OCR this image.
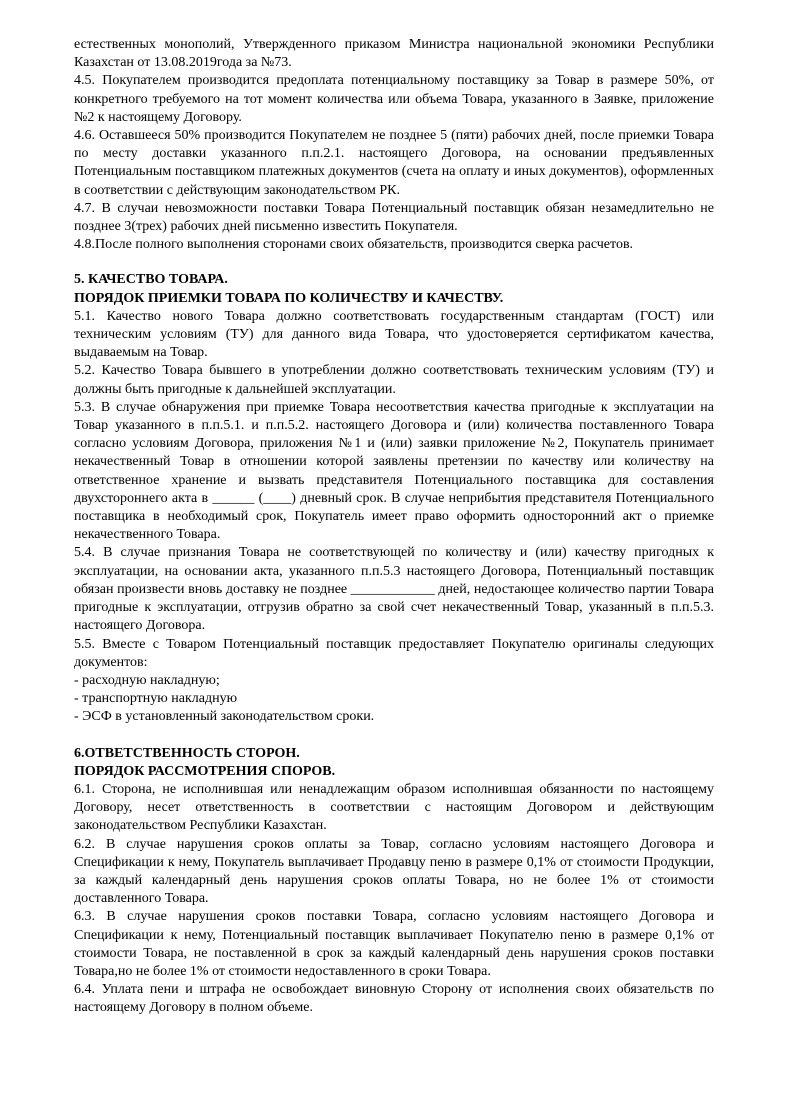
естественных монополий, Утвержденного приказом Министра национальной экономики Республики Казахстан от 13.08.2019года за №73.

4.5. Покупателем производится предоплата потенциальному поставщику за Товар в размере 50%, от конкретного требуемого на тот момент количества или объема Товара, указанного в Заявке, приложение №2 к настоящему Договору.

4.6. Оставшееся 50% производится Покупателем не позднее 5 (пяти) рабочих дней, после приемки Товара по месту доставки указанного п.п.2.1. настоящего Договора, на основании предъявленных Потенциальным поставщиком платежных документов (счета на оплату и иных документов), оформленных в соответствии с действующим законодательством РК.

4.7. В случаи невозможности поставки Товара Потенциальный поставщик обязан незамедлительно не позднее 3(трех) рабочих дней письменно известить Покупателя.

4.8.После полного выполнения сторонами своих обязательств, производится сверка расчетов.

5. КАЧЕСТВО ТОВАРА.

ПОРЯДОК ПРИЕМКИ ТОВАРА ПО КОЛИЧЕСТВУ И КАЧЕСТВУ.

5.1. Качество нового Товара должно соответствовать государственным стандартам (ГОСТ) или техническим условиям (ТУ) для данного вида Товара, что удостоверяется сертификатом качества, выдаваемым на Товар.

5.2. Качество Товара бывшего в употреблении должно соответствовать техническим условиям (ТУ) и должны быть пригодные к дальнейшей эксплуатации.

5.3. В случае обнаружения при приемке Товара несоответствия качества пригодные к эксплуатации на Товар указанного в п.п.5.1. и п.п.5.2. настоящего Договора и (или) количества поставленного Товара согласно условиям Договора, приложения №1 и (или) заявки приложение №2, Покупатель принимает некачественный Товар в отношении которой заявлены претензии по качеству или количеству на ответственное хранение и вызвать представителя Потенциального поставщика для составления двухстороннего акта в ______ (____) дневный срок. В случае неприбытия представителя Потенциального поставщика в необходимый срок, Покупатель имеет право оформить односторонний акт о приемке некачественного Товара.

5.4. В случае признания Товара не соответствующей по количеству и (или) качеству пригодных к эксплуатации, на основании акта, указанного п.п.5.3 настоящего Договора, Потенциальный поставщик обязан произвести вновь доставку не позднее ____________ дней, недостающее количество партии Товара пригодные к эксплуатации, отгрузив обратно за свой счет некачественный Товар, указанный в п.п.5.3. настоящего Договора.

5.5. Вместе с Товаром Потенциальный поставщик предоставляет Покупателю оригиналы следующих документов:

- расходную накладную;

- транспортную накладную

- ЭСФ в установленный законодательством сроки.

6.ОТВЕТСТВЕННОСТЬ СТОРОН.

ПОРЯДОК РАССМОТРЕНИЯ СПОРОВ.

6.1. Сторона, не исполнившая или ненадлежащим образом исполнившая обязанности по настоящему Договору, несет ответственность в соответствии с настоящим Договором и действующим законодательством Республики Казахстан.

6.2. В случае нарушения сроков оплаты за Товар, согласно условиям настоящего Договора и Спецификации к нему, Покупатель выплачивает Продавцу пеню в размере 0,1% от стоимости Продукции, за каждый календарный день нарушения сроков оплаты Товара, но не более 1% от стоимости доставленного Товара.

6.3. В случае нарушения сроков поставки Товара, согласно условиям настоящего Договора и Спецификации к нему, Потенциальный поставщик выплачивает Покупателю пеню в размере 0,1% от стоимости Товара, не поставленной в срок за каждый календарный день нарушения сроков поставки Товара,но не более 1% от стоимости недоставленного в сроки Товара.

6.4. Уплата пени и штрафа не освобождает виновную Сторону от исполнения своих обязательств по настоящему Договору в полном объеме.
